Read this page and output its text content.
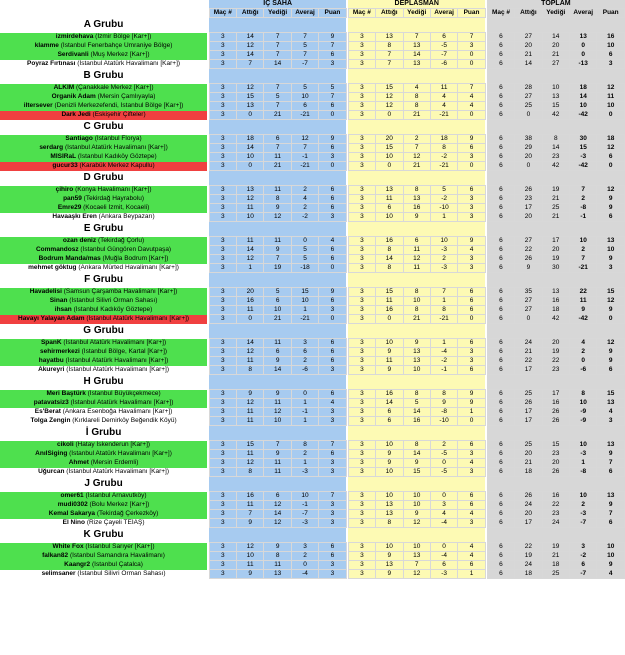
		İÇ SAHA						DEPLASMAN						TOPLAM				
		Maç #	Attığı	Yediği	Averaj	Puan		Maç #	Attığı	Yediği	Averaj	Puan		Maç #	Attığı	Yediği	Averaj	Puan
A Grubu																		
izmirdehava (İzmir Bölge [Kar+])		3	14	7	7	9		3	13	7	6	7		6	27	14	13	16
klamme (İstanbul Fenerbahçe Ümraniye Bölge)		3	12	7	5	7		3	8	13	-5	3		6	20	20	0	10
Serdivanli (Muş Merkez [Kar+])		3	14	7	7	6		3	7	14	-7	0		6	21	21	0	6
Poyraz Fırtınası (İstanbul Atatürk Havalimanı [Kar+])		3	7	14	-7	3		3	7	13	-6	0		6	14	27	-13	3
B Grubu																		
ALKIM (Çanakkale Merkez [Kar+])		3	12	7	5	5		3	15	4	11	7		6	28	10	18	12
Organik Adam (Mersin Çamlıyayla)		3	15	5	10	7		3	12	8	4	4		6	27	13	14	11
iltersever (Denizli Merkezefendi, İstanbul Bölge [Kar+])		3	13	7	6	6		3	12	8	4	4		6	25	15	10	10
Dark Jedi (Eskişehir Çifteler)		3	0	21	-21	0		3	0	21	-21	0		6	0	42	-42	0
C Grubu																		
Santiago (İstanbul Florya)		3	18	6	12	9		3	20	2	18	9		6	38	8	30	18
serdarg (İstanbul Atatürk Havalimanı [Kar+])		3	14	7	7	6		3	15	7	8	6		6	29	14	15	12
MİSİRaL (İstanbul Kadıköy Göztepe)		3	10	11	-1	3		3	10	12	-2	3		6	20	23	-3	6
gucur33 (Karabük Merkez Kapullu)		3	0	21	-21	0		3	0	21	-21	0		6	0	42	-42	0
D Grubu																		
çihiro (Konya Havalimanı [Kar+])		3	13	11	2	6		3	13	8	5	6		6	26	19	7	12
pan59 (Tekirdağ Hayrabolu)		3	12	8	4	6		3	11	13	-2	3		6	23	21	2	9
Emre29 (Kocaeli İzmit, Kocaeli)		3	11	9	2	6		3	6	16	-10	3		6	17	25	-8	9
Havaaşkı Eren (Ankara Beypazarı)		3	10	12	-2	3		3	10	9	1	3		6	20	21	-1	6
E Grubu																		
ozan deniz (Tekirdağ Çorlu)		3	11	11	0	4		3	16	6	10	9		6	27	17	10	13
Commandosz (İstanbul Güngören Davutpaşa)		3	14	9	5	6		3	8	11	-3	4		6	22	20	2	10
Bodrum Manda/mas (Muğla Bodrum [Kar+])		3	12	7	5	6		3	14	12	2	3		6	26	19	7	9
mehmet göktug (Ankara Mürted Havalimanı [Kar+])		3	1	19	-18	0		3	8	11	-3	3		6	9	30	-21	3
F Grubu																		
Havadelisi (Samsun Çarşamba Havalimanı [Kar+])		3	20	5	15	9		3	15	8	7	6		6	35	13	22	15
Sinan (İstanbul Silivri Orman Sahası)		3	16	6	10	6		3	11	10	1	6		6	27	16	11	12
ihsan (İstanbul Kadıköy Göztepe)		3	11	10	1	3		3	16	8	8	6		6	27	18	9	9
Havayı Yalayan Adam (İstanbul Atatürk Havalimanı [Kar+])		3	0	21	-21	0		3	0	21	-21	0		6	0	42	-42	0
G Grubu																		
SpanK (İstanbul Atatürk Havalimanı [Kar+])		3	14	11	3	6		3	10	9	1	6		6	24	20	4	12
sehirmerkezi (İstanbul Bölge, Kartal [Kar+])		3	12	6	6	6		3	9	13	-4	3		6	21	19	2	9
hayatbu (İstanbul Atatürk Havalimanı [Kar+])		3	11	9	2	6		3	11	13	-2	3		6	22	22	0	9
Akureyri (İstanbul Atatürk Havalimanı [Kar+])		3	8	14	-6	3		3	9	10	-1	6		6	17	23	-6	6
H Grubu																		
Meri Baştürk (İstanbul Büyükçekmece)		3	9	9	0	6		3	16	8	8	9		6	25	17	8	15
patavatsiz3 (İstanbul Atatürk Havalimanı [Kar+])		3	12	11	1	4		3	14	5	9	9		6	26	16	10	13
Es'Berat (Ankara Esenboğa Havalimanı [Kar+])		3	11	12	-1	3		3	6	14	-8	1		6	17	26	-9	4
Tolga Zengin (Kırklareli Demirköy Beğendik Köyü)		3	11	10	1	3		3	6	16	-10	0		6	17	26	-9	3
İ Grubu																		
cikoli (Hatay İskenderun [Kar+])		3	15	7	8	7		3	10	8	2	6		6	25	15	10	13
AnılSiging (İstanbul Atatürk Havalimanı [Kar+])		3	11	9	2	6		3	9	14	-5	3		6	20	23	-3	9
Ahmet (Mersin Erdemli)		3	12	11	1	3		3	9	9	0	4		6	21	20	1	7
Uğurcan (İstanbul Atatürk Havalimanı [Kar+])		3	8	11	-3	3		3	10	15	-5	3		6	18	26	-8	6
J Grubu																		
omer61 (İstanbul Arnavutköy)		3	16	6	10	7		3	10	10	0	6		6	26	16	10	13
mudi0302 (Bolu Merkez [Kar+])		3	11	12	-1	3		3	13	10	3	6		6	24	22	2	9
Kemal Sakarya (Tekirdağ Çerkezköy)		3	7	14	-7	3		3	13	9	4	4		6	20	23	-3	7
El Nino (Rize Çayeli TEİAŞ)		3	9	12	-3	3		3	8	12	-4	3		6	17	24	-7	6
K Grubu																		
White Fox (İstanbul Sarıyer [Kar+])		3	12	9	3	6		3	10	10	0	4		6	22	19	3	10
falkan82 (İstanbul Samandıra Havalimanı)		3	10	8	2	6		3	9	13	-4	4		6	19	21	-2	10
Kaangr2 (İstanbul Çatalca)		3	11	11	0	3		3	13	7	6	6		6	24	18	6	9
selimsaner (İstanbul Silivri Orman Sahası)		3	9	13	-4	3		3	9	12	-3	1		6	18	25	-7	4
